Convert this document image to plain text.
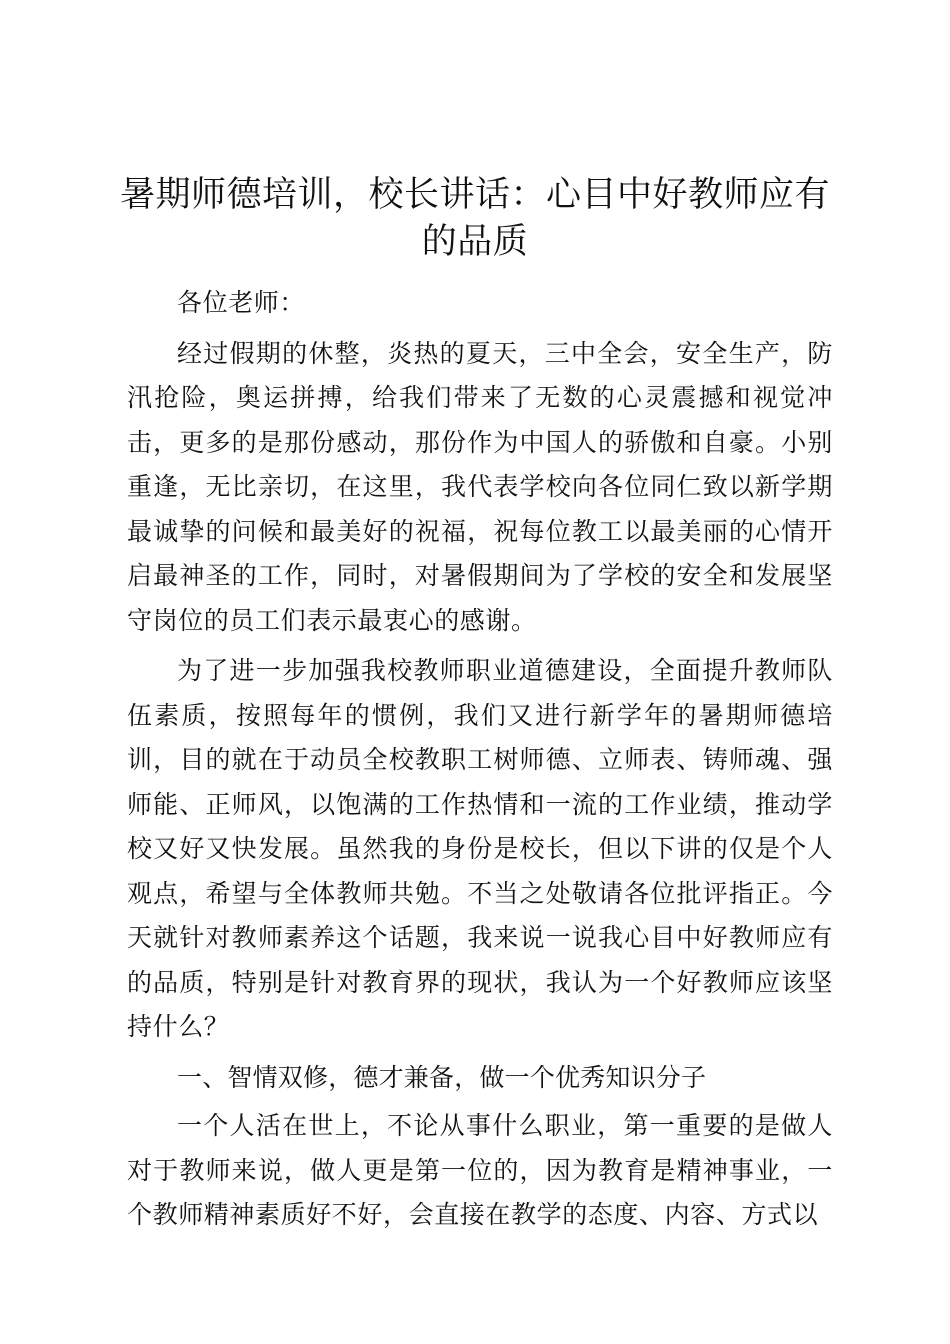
暑期师德培训，校长讲话：心目中好教师应有的品质

各位老师：

经过假期的休整，炎热的夏天，三中全会，安全生产，防汛抢险，奥运拼搏，给我们带来了无数的心灵震撼和视觉冲击，更多的是那份感动，那份作为中国人的骄傲和自豪。小别重逢，无比亲切，在这里，我代表学校向各位同仁致以新学期最诚挚的问候和最美好的祝福，祝每位教工以最美丽的心情开启最神圣的工作，同时，对暑假期间为了学校的安全和发展坚守岗位的员工们表示最衷心的感谢。

为了进一步加强我校教师职业道德建设，全面提升教师队伍素质，按照每年的惯例，我们又进行新学年的暑期师德培训，目的就在于动员全校教职工树师德、立师表、铸师魂、强师能、正师风，以饱满的工作热情和一流的工作业绩，推动学校又好又快发展。虽然我的身份是校长，但以下讲的仅是个人观点，希望与全体教师共勉。不当之处敬请各位批评指正。今天就针对教师素养这个话题，我来说一说我心目中好教师应有的品质，特别是针对教育界的现状，我认为一个好教师应该坚持什么？

一、智情双修，德才兼备，做一个优秀知识分子

一个人活在世上，不论从事什么职业，第一重要的是做人对于教师来说，做人更是第一位的，因为教育是精神事业，一个教师精神素质好不好，会直接在教学的态度、内容、方式以
